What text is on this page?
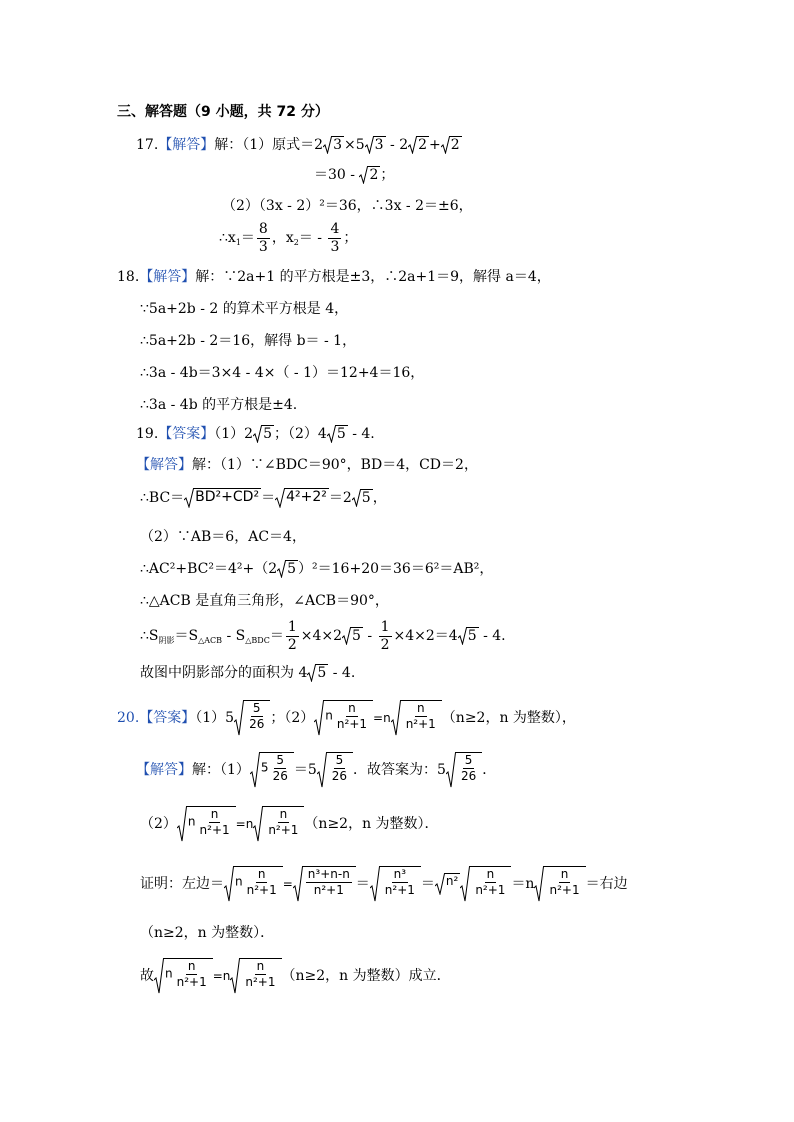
三、解答题（9 小题，共 72 分）
17.【解答】解：（1）原式＝2 3 ×5 3 - 2 2 + 2
＝30 - 2 ；
（2）（3x - 2）²＝36，∴3x - 2＝±6，
$\therefore x_1= \frac{8}{3}$ ，$x_2= - \frac{4}{3}$ ；
18.【解答】解：∵2a+1 的平方根是±3，∴2a+1＝9，解得 a＝4，
∵5a+2b - 2 的算术平方根是 4，
∴5a+2b - 2＝16，解得 b＝ - 1，
∴3a - 4b＝3×4 - 4×（ - 1）＝12+4＝16，
∴3a - 4b 的平方根是±4.
19.【答案】（1）2 5 ；（2）4 5 - 4.
【解答】解：（1）∵∠BDC＝90°，BD＝4，CD＝2，
∴BC＝ BD²+CD² ＝ 4²+2² ＝2 5 ，
（2）∵AB＝6，AC＝4，
∴AC²+BC²＝4²+（2 5 ）²＝16+20＝36＝6²＝AB²，
∴△ACB 是直角三角形，∠ACB＝90°，
$\therefore S_{阴影}=S_{\triangle ACB} - S_{\triangle BDC}= \frac{1}{2} \times 4\times 2$ $5 - \frac{1}{2} \times 4\times 2=4$ 5 - 4.
故图中阴影部分的面积为 4 5 - 4.
20.【答案】$(1)5 \frac{5}{26}$ ；（2） n $\frac{n}{\text{n²+1}} =n \frac{n}{\text{n²+1}} (n\ge 2$，n 为整数），
【解答】解：（1） $5 \frac{5}{26} =5 \frac{5}{26}$ ．故答案为：$5 \frac{5}{26}$ ．
（2） n $\frac{n}{\text{n²+1}} =n \frac{n}{\text{n²+1}} (n\ge 2$，n 为整数）．
证明：左边＝ n $\frac{n}{\text{n²+1}} = \frac{\text{n³+n-n}}{\text{n²+1}} = \frac{\text{n³}}{\text{n²+1}} = n^2 \frac{n}{\text{n²+1}} =n \frac{n}{\text{n²+1}}$ ＝右边
（n≥2，n 为整数）．
故 n $\frac{n}{\text{n²+1}} =n \frac{n}{\text{n²+1}} (n\ge 2$，n 为整数）成立．
